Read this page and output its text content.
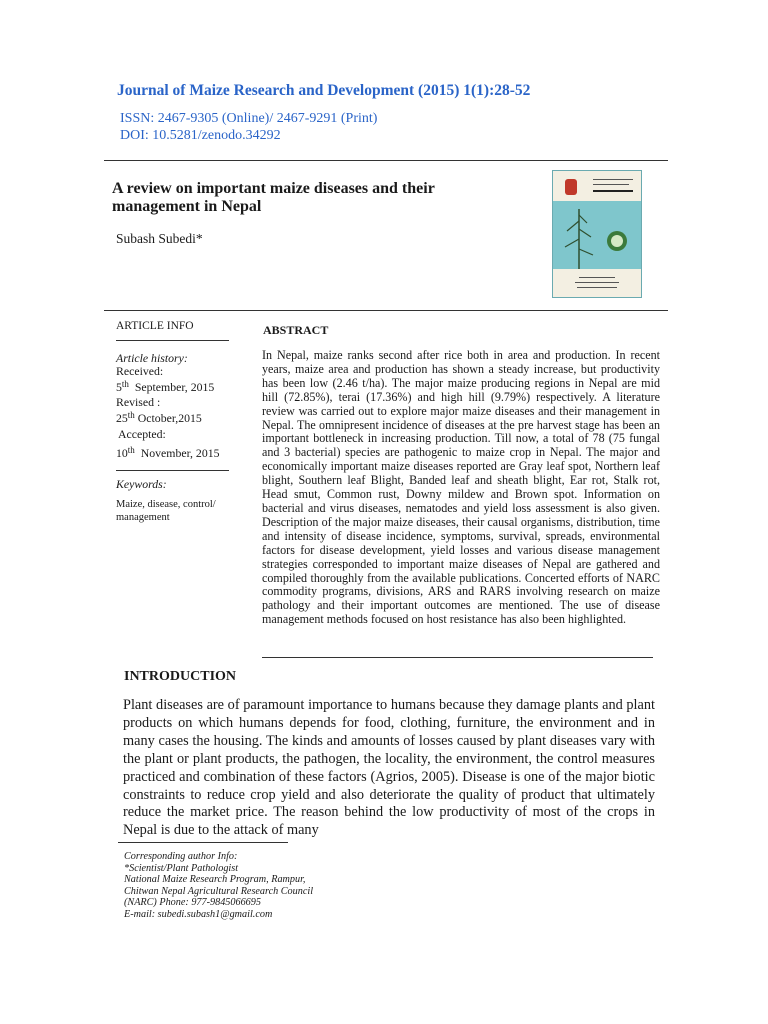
Journal of Maize Research and Development (2015) 1(1):28-52
ISSN: 2467-9305 (Online)/ 2467-9291 (Print)
DOI: 10.5281/zenodo.34292
A review on important maize diseases and their management in Nepal
Subash Subedi*
ARTICLE INFO	ABSTRACT
Article history:
Received:
5th September, 2015
Revised :
25th October,2015
Accepted:
10th November, 2015
Keywords:
Maize, disease, control/ management
In Nepal, maize ranks second after rice both in area and production. In recent years, maize area and production has shown a steady increase, but productivity has been low (2.46 t/ha). The major maize producing regions in Nepal are mid hill (72.85%), terai (17.36%) and high hill (9.79%) respectively. A literature review was carried out to explore major maize diseases and their management in Nepal. The omnipresent incidence of diseases at the pre harvest stage has been an important bottleneck in increasing production. Till now, a total of 78 (75 fungal and 3 bacterial) species are pathogenic to maize crop in Nepal. The major and economically important maize diseases reported are Gray leaf spot, Northern leaf blight, Southern leaf Blight, Banded leaf and sheath blight, Ear rot, Stalk rot, Head smut, Common rust, Downy mildew and Brown spot. Information on bacterial and virus diseases, nematodes and yield loss assessment is also given. Description of the major maize diseases, their causal organisms, distribution, time and intensity of disease incidence, symptoms, survival, spreads, environmental factors for disease development, yield losses and various disease management strategies corresponded to important maize diseases of Nepal are gathered and compiled thoroughly from the available publications. Concerted efforts of NARC commodity programs, divisions, ARS and RARS involving research on maize pathology and their important outcomes are mentioned. The use of disease management methods focused on host resistance has also been highlighted.
INTRODUCTION
Plant diseases are of paramount importance to humans because they damage plants and plant products on which humans depends for food, clothing, furniture, the environment and in many cases the housing. The kinds and amounts of losses caused by plant diseases vary with the plant or plant products, the pathogen, the locality, the environment, the control measures practiced and combination of these factors (Agrios, 2005). Disease is one of the major biotic constraints to reduce crop yield and also deteriorate the quality of product that ultimately reduce the market price. The reason behind the low productivity of most of the crops in Nepal is due to the attack of many
Corresponding author Info:
*Scientist/Plant Pathologist
National Maize Research Program, Rampur,
Chitwan Nepal Agricultural Research Council
(NARC) Phone: 977-9845066695
E-mail: subedi.subash1@gmail.com
